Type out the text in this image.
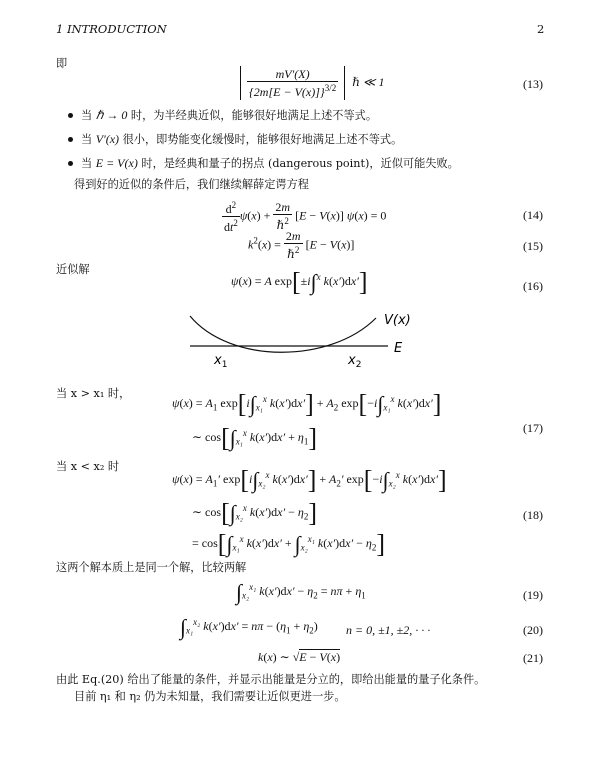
1 INTRODUCTION	2
即

$\frac{mV'(X)}{\{2m[E - V(x)]\}^{3/2}}$ ℏ ≪ 1	(13)
当 ℏ → 0 时，为半经典近似，能够很好地满足上述不等式。
当 V′(x) 很小，即势能变化缓慢时，能够很好地满足上述不等式。
当 E = V(x) 时，是经典和量子的拐点 (dangerous point)，近似可能失败。
得到好的近似的条件后，我们继续解薛定谔方程
$\frac{d^2}{dt^2} \psi(x) + \frac{2m}{\hbar^2} [E - V(x)] \psi(x) = 0$	(14)
$k^2(x) = \frac{2m}{\hbar^2} [E - V(x)]$	(15)
近似解
ψ(x) = A exp[±i∫$^x$ k(x′)dx′]	(16)
V(x)
E
$x_1$	$x_2$
当 x > x₁ 时，
$\psi(x) = A_1$ $\exp[i\int_{x_1}^x$ $k(x')dx'] + A_2$ $\exp[-i\int_{x_1}^x$ k(x′)dx′]
∼ $\cos[\int_{x_1}^x$ $k(x')dx' + \eta_1$]	(17)
当 x < x₂ 时
$\psi(x) = A_1'$ $\exp[i\int_{x_2}^x$ $k(x')dx'] + A_2'$ $\exp[-i\int_{x_2}^x$ k(x′)dx′]
∼ $\cos[\int_{x_2}^x$ $k(x')dx' - \eta_2$]
= $\cos[\int_{x_1}^x$ $k(x')dx' + \int_{x_2}^{x_1}$ $k(x')dx' - \eta_2$]
(18)
这两个解本质上是同一个解，比较两解
$\int_{x_2}^{x_1}$ $k(x')dx' - \eta_2 = n\pi + \eta_1$	(19)
$\int_{x_1}^{x_2}$ $k(x')dx' = n\pi - (\eta_1 + \eta_2) n = 0$, ±1, ±2, · · ·	(20)
k(x) ∼ √E − V(x)	(21)
由此 Eq.(20) 给出了能量的条件，并显示出能量是分立的，即给出能量的量子化条件。
目前 η₁ 和 η₂ 仍为未知量，我们需要让近似更进一步。
